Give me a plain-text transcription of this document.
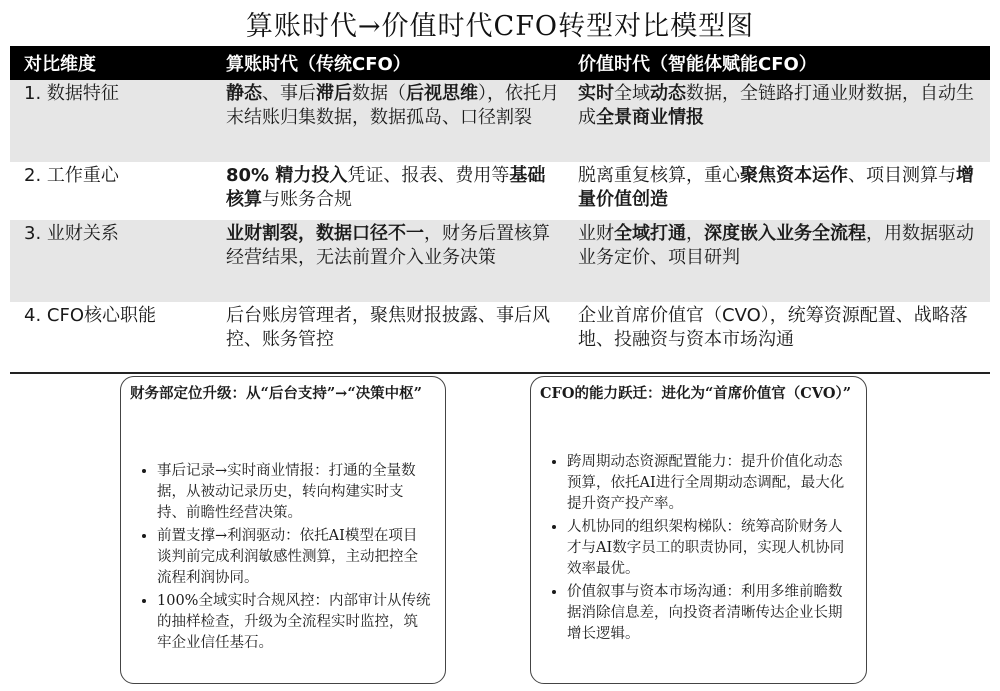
算账时代→价值时代CFO转型对比模型图
对比维度	算账时代（传统CFO）	价值时代（智能体赋能CFO）
1. 数据特征	静态、事后滞后数据（后视思维），依托月末结账归集数据，数据孤岛、口径割裂	实时全域动态数据，全链路打通业财数据，自动生成全景商业情报
2. 工作重心	80% 精力投入凭证、报表、费用等基础核算与账务合规	脱离重复核算，重心聚焦资本运作、项目测算与增量价值创造
3. 业财关系	业财割裂，数据口径不一，财务后置核算经营结果，无法前置介入业务决策	业财全域打通，深度嵌入业务全流程，用数据驱动业务定价、项目研判
4. CFO核心职能	后台账房管理者，聚焦财报披露、事后风控、账务管控	企业首席价值官（CVO），统筹资源配置、战略落地、投融资与资本市场沟通
财务部定位升级：从“后台支持”→“决策中枢”
• 事后记录→实时商业情报：打通的全量数据，从被动记录历史，转向构建实时支持、前瞻性经营决策。
• 前置支撑→利润驱动：依托AI模型在项目谈判前完成利润敏感性测算，主动把控全流程利润协同。
• 100%全域实时合规风控：内部审计从传统的抽样检查，升级为全流程实时监控，筑牢企业信任基石。
CFO的能力跃迁：进化为“首席价值官（CVO）”
• 跨周期动态资源配置能力：提升价值化动态预算，依托AI进行全周期动态调配，最大化提升资产投产率。
• 人机协同的组织架构梯队：统筹高阶财务人才与AI数字员工的职责协同，实现人机协同效率最优。
• 价值叙事与资本市场沟通：利用多维前瞻数据消除信息差，向投资者清晰传达企业长期增长逻辑。
